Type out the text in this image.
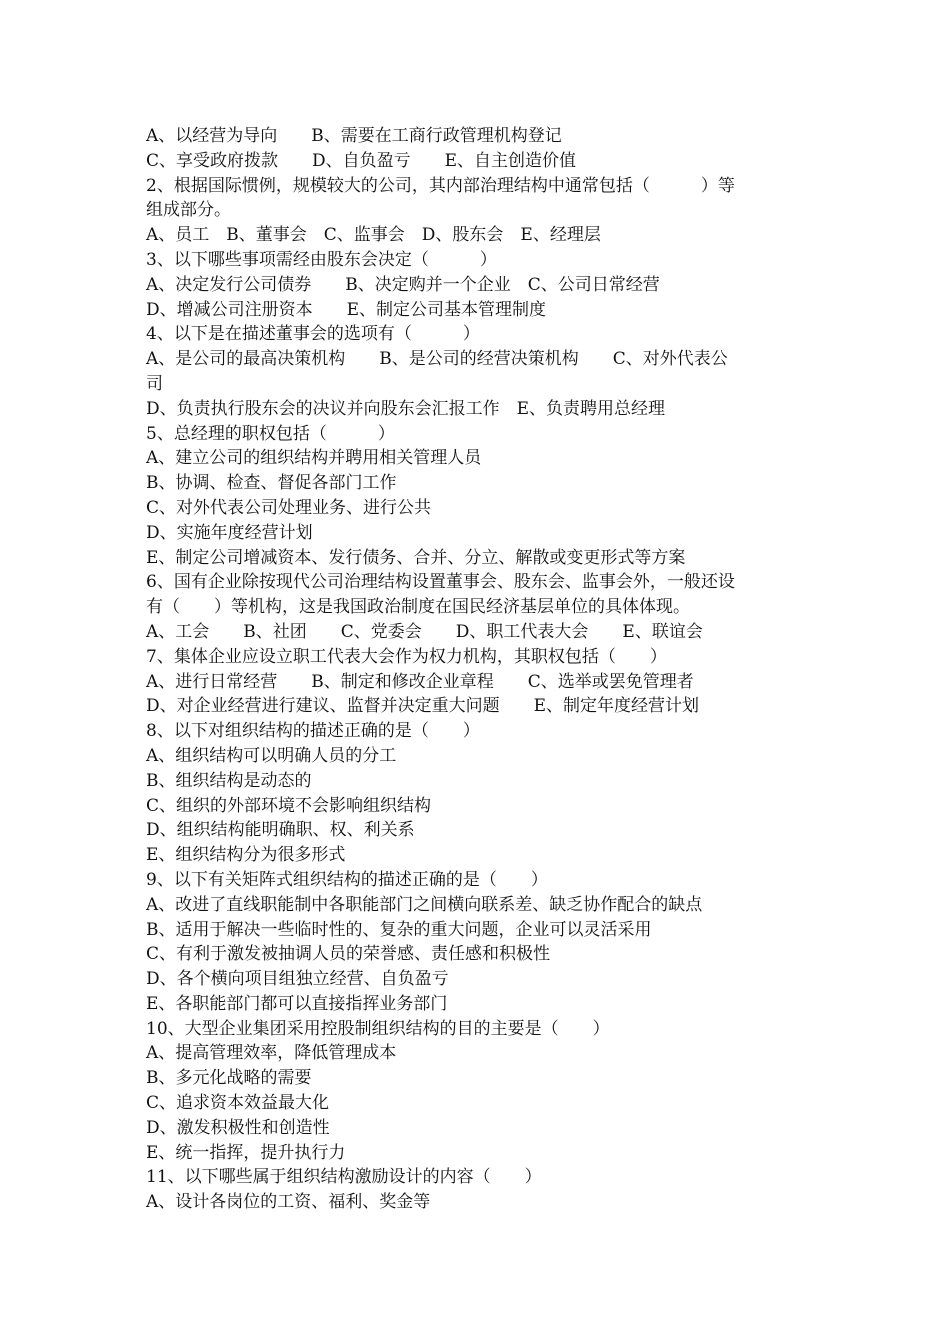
A、以经营为导向　　B、需要在工商行政管理机构登记
C、享受政府拨款　　D、自负盈亏　　E、自主创造价值
2、根据国际惯例，规模较大的公司，其内部治理结构中通常包括（　　　）等
组成部分。
A、员工　B、董事会　C、监事会　D、股东会　E、经理层
3、以下哪些事项需经由股东会决定（　　　）
A、决定发行公司债券　　B、决定购并一个企业　C、公司日常经营
D、增减公司注册资本　　E、制定公司基本管理制度
4、以下是在描述董事会的选项有（　　　）
A、是公司的最高决策机构　　B、是公司的经营决策机构　　C、对外代表公
司
D、负责执行股东会的决议并向股东会汇报工作　E、负责聘用总经理
5、总经理的职权包括（　　　）
A、建立公司的组织结构并聘用相关管理人员
B、协调、检查、督促各部门工作
C、对外代表公司处理业务、进行公共
D、实施年度经营计划
E、制定公司增减资本、发行债务、合并、分立、解散或变更形式等方案
6、国有企业除按现代公司治理结构设置董事会、股东会、监事会外，一般还设
有（　　）等机构，这是我国政治制度在国民经济基层单位的具体体现。
A、工会　　B、社团　　C、党委会　　D、职工代表大会　　E、联谊会
7、集体企业应设立职工代表大会作为权力机构，其职权包括（　　）
A、进行日常经营　　B、制定和修改企业章程　　C、选举或罢免管理者
D、对企业经营进行建议、监督并决定重大问题　　E、制定年度经营计划
8、以下对组织结构的描述正确的是（　　）
A、组织结构可以明确人员的分工
B、组织结构是动态的
C、组织的外部环境不会影响组织结构
D、组织结构能明确职、权、利关系
E、组织结构分为很多形式
9、以下有关矩阵式组织结构的描述正确的是（　　）
A、改进了直线职能制中各职能部门之间横向联系差、缺乏协作配合的缺点
B、适用于解决一些临时性的、复杂的重大问题，企业可以灵活采用
C、有利于激发被抽调人员的荣誉感、责任感和积极性
D、各个横向项目组独立经营、自负盈亏
E、各职能部门都可以直接指挥业务部门
10、大型企业集团采用控股制组织结构的目的主要是（　　）
A、提高管理效率，降低管理成本
B、多元化战略的需要
C、追求资本效益最大化
D、激发积极性和创造性
E、统一指挥，提升执行力
11、以下哪些属于组织结构激励设计的内容（　　）
A、设计各岗位的工资、福利、奖金等
